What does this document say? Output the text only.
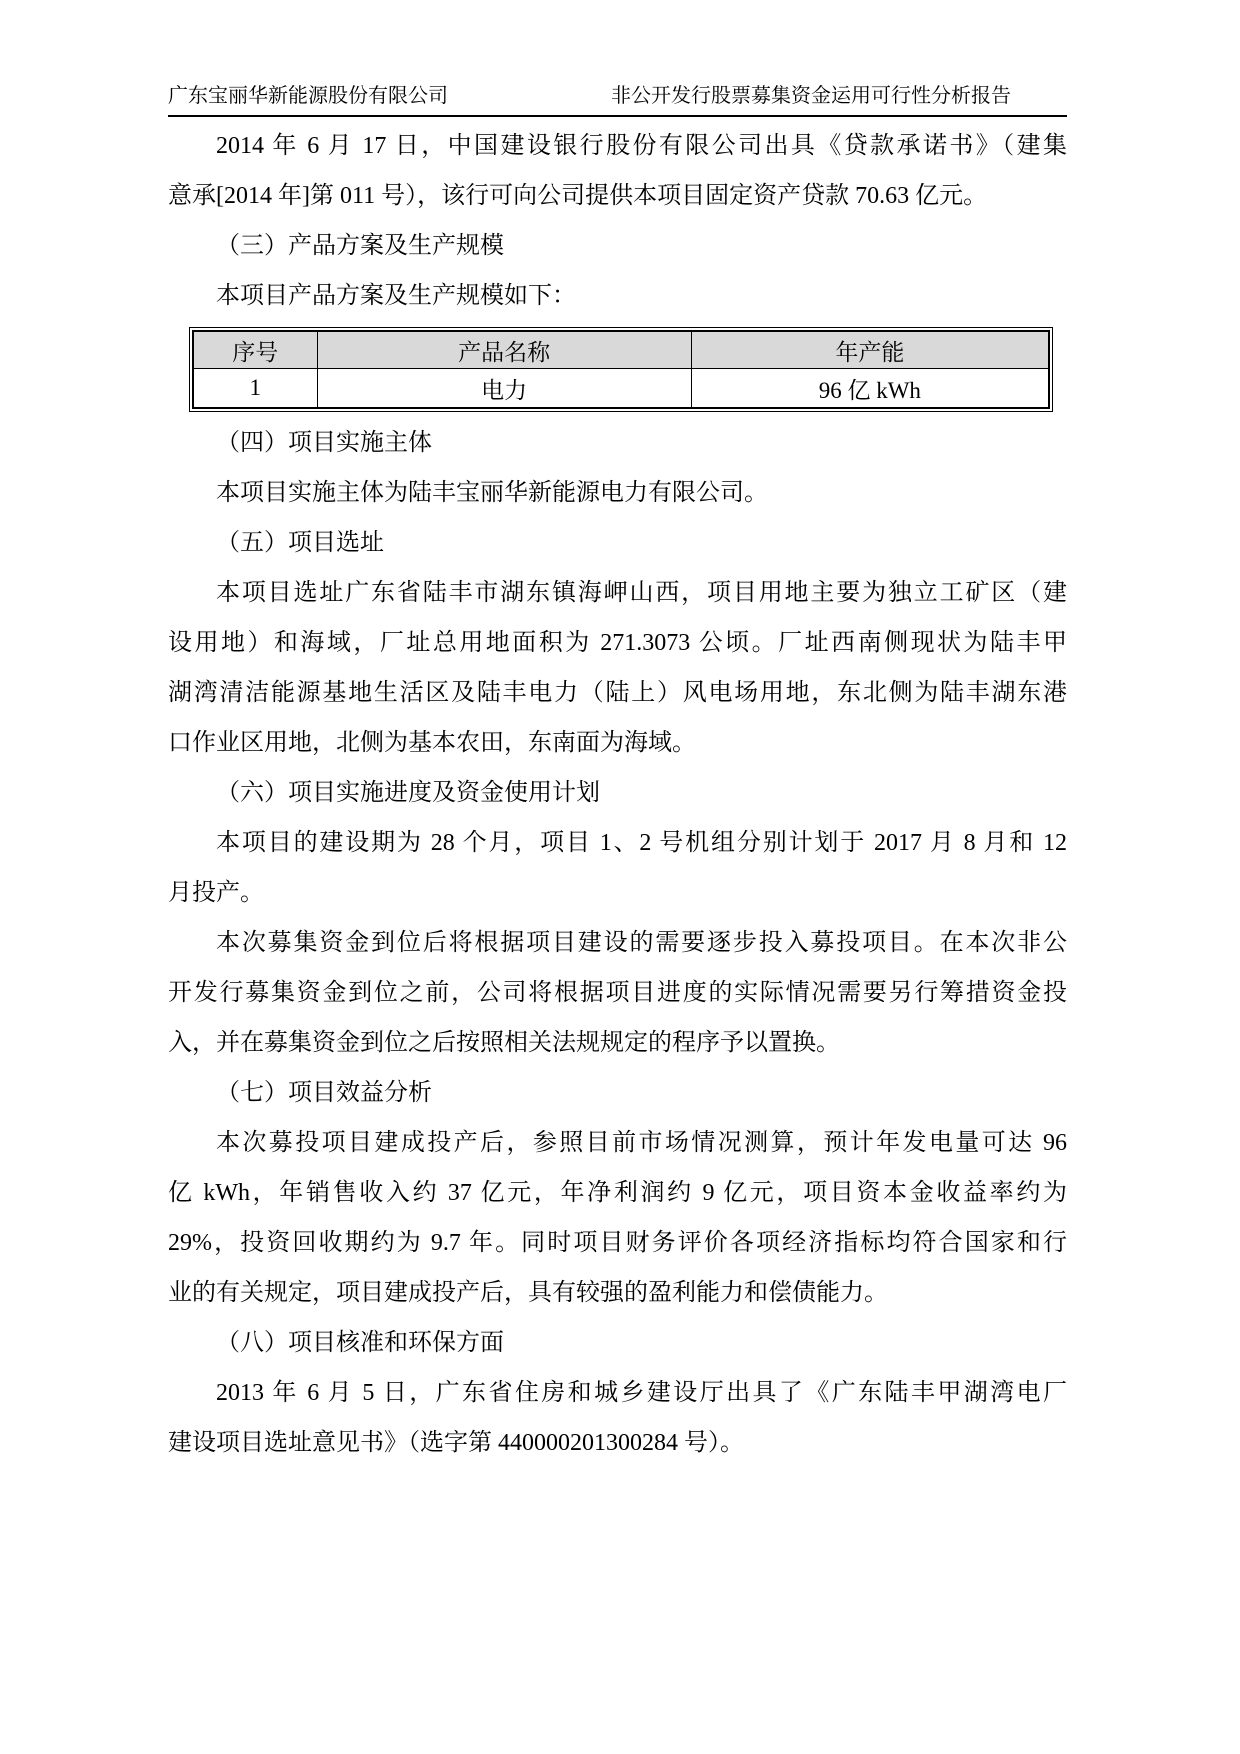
广东宝丽华新能源股份有限公司	非公开发行股票募集资金运用可行性分析报告
2014 年 6 月 17 日，中国建设银行股份有限公司出具《贷款承诺书》（建集
意承[2014 年]第 011 号），该行可向公司提供本项目固定资产贷款 70.63 亿元。
（三）产品方案及生产规模
本项目产品方案及生产规模如下：
序号	产品名称	年产能
1	电力	96 亿 kWh
（四）项目实施主体
本项目实施主体为陆丰宝丽华新能源电力有限公司。
（五）项目选址
本项目选址广东省陆丰市湖东镇海岬山西，项目用地主要为独立工矿区（建
设用地）和海域，厂址总用地面积为 271.3073 公顷。厂址西南侧现状为陆丰甲
湖湾清洁能源基地生活区及陆丰电力（陆上）风电场用地，东北侧为陆丰湖东港
口作业区用地，北侧为基本农田，东南面为海域。
（六）项目实施进度及资金使用计划
本项目的建设期为 28 个月，项目 1、2 号机组分别计划于 2017 月 8 月和 12
月投产。
本次募集资金到位后将根据项目建设的需要逐步投入募投项目。在本次非公
开发行募集资金到位之前，公司将根据项目进度的实际情况需要另行筹措资金投
入，并在募集资金到位之后按照相关法规规定的程序予以置换。
（七）项目效益分析
本次募投项目建成投产后，参照目前市场情况测算，预计年发电量可达 96
亿 kWh，年销售收入约 37 亿元，年净利润约 9 亿元，项目资本金收益率约为
29%，投资回收期约为 9.7 年。同时项目财务评价各项经济指标均符合国家和行
业的有关规定，项目建成投产后，具有较强的盈利能力和偿债能力。
（八）项目核准和环保方面
2013 年 6 月 5 日，广东省住房和城乡建设厅出具了《广东陆丰甲湖湾电厂
建设项目选址意见书》（选字第 440000201300284 号）。
